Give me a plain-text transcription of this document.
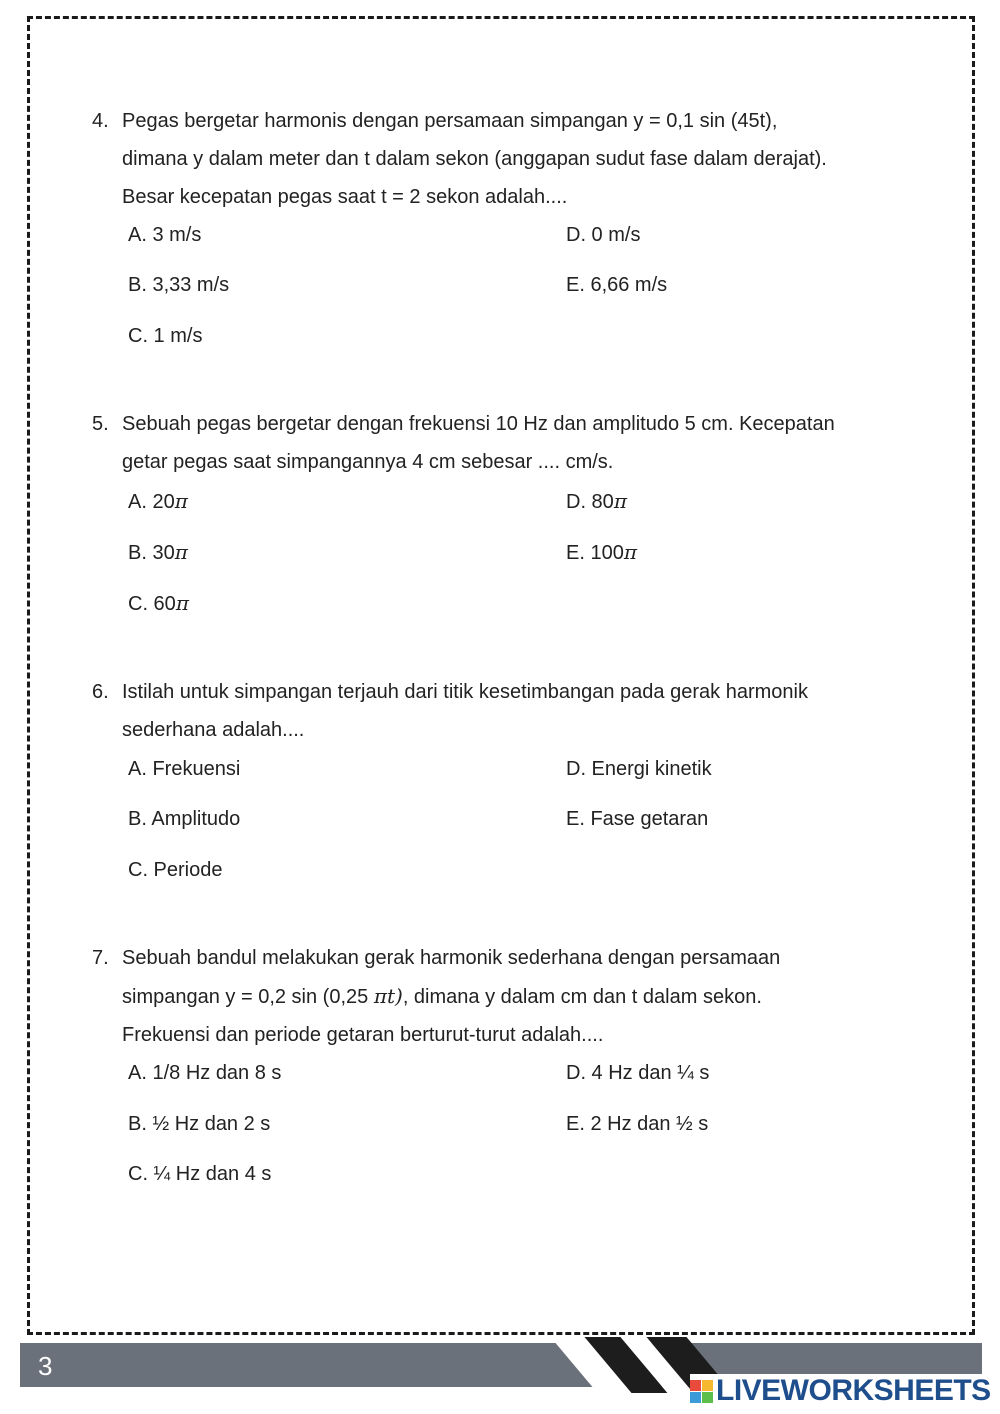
4. Pegas bergetar harmonis dengan persamaan simpangan y = 0,1 sin (45t),

dimana y dalam meter dan t dalam sekon (anggapan sudut fase dalam derajat).

Besar kecepatan pegas saat t = 2 sekon adalah....

A. 3 m/s	D. 0 m/s
B. 3,33 m/s	E. 6,66 m/s
C. 1 m/s
5. Sebuah pegas bergetar dengan frekuensi 10 Hz dan amplitudo 5 cm. Kecepatan

getar pegas saat simpangannya 4 cm sebesar .... cm/s.

A. 20π	D. 80π
B. 30π	E. 100π
C. 60π
6. Istilah untuk simpangan terjauh dari titik kesetimbangan pada gerak harmonik

sederhana adalah....

A. Frekuensi	D. Energi kinetik
B. Amplitudo	E. Fase getaran
C. Periode
7. Sebuah bandul melakukan gerak harmonik sederhana dengan persamaan

simpangan y = 0,2 sin (0,25 πt), dimana y dalam cm dan t dalam sekon.

Frekuensi dan periode getaran berturut-turut adalah....

A. 1/8 Hz dan 8 s	D. 4 Hz dan ¼ s
B. ½ Hz dan 2 s	E. 2 Hz dan ½ s
C. ¼ Hz dan 4 s
3
LIVEWORKSHEETS
